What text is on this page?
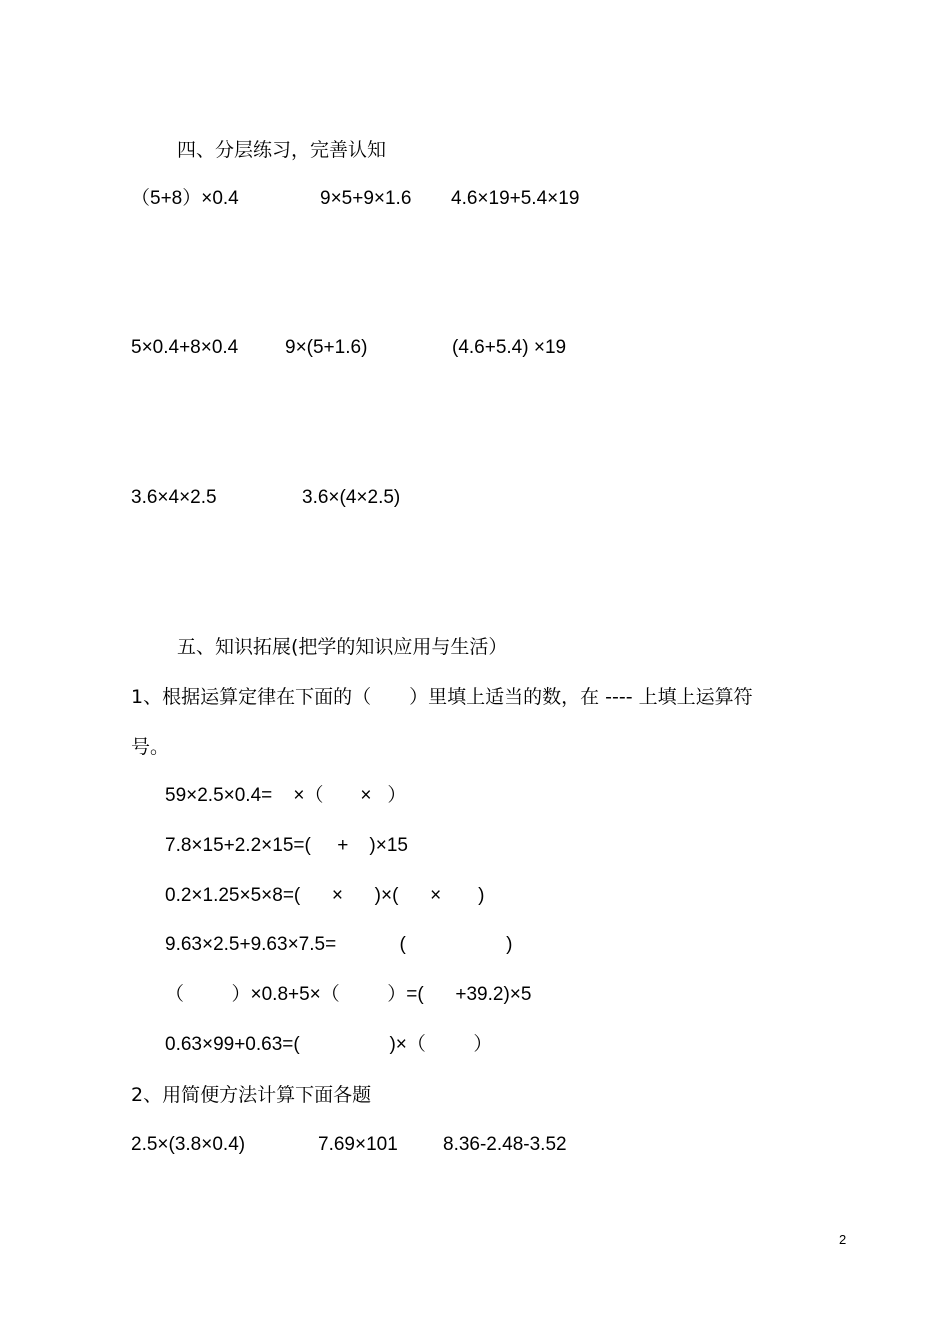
四、分层练习，完善认知
（5+8）×0.4	9×5+9×1.6 4.6×19+5.4×19
5×0.4+8×0.4 9×(5+1.6)	(4.6+5.4) ×19
3.6×4×2.5	3.6×(4×2.5)
五、知识拓展(把学的知识应用与生活）
1、根据运算定律在下面的（　　）里填上适当的数，在 ---- 上填上运算符
号。
59×2.5×0.4=    ×（       ×   ）
7.8×15+2.2×15=(     +    )×15
0.2×1.25×5×8=(      ×      )×(      ×       )
9.63×2.5+9.63×7.5=            (                   )
（         ）×0.8+5×（         ）=(      +39.2)×5
0.63×99+0.63=(                 )×（         ）
2、用简便方法计算下面各题
2.5×(3.8×0.4)	7.69×101 8.36-2.48-3.52
2
